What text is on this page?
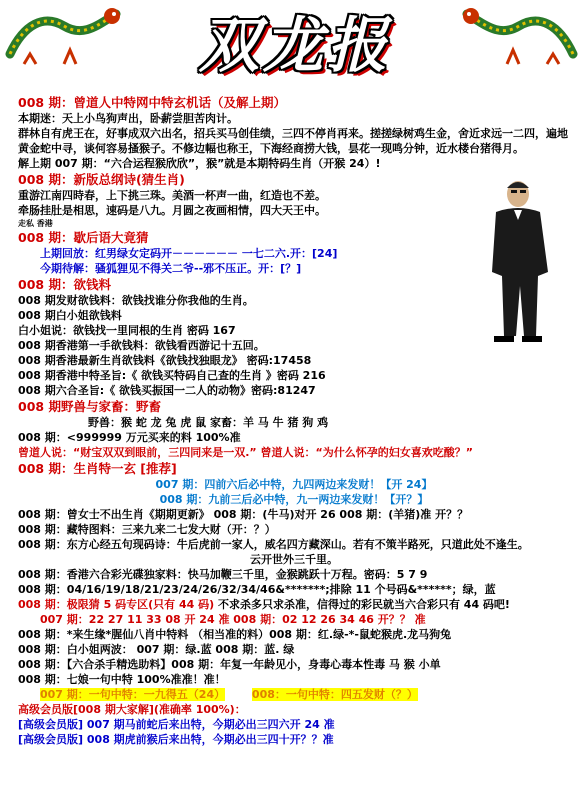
双龙报
008 期：曾道人中特网中特玄机话（及解上期）
本期迷：天上小鸟狗声出，卧薪尝胆苦肉计。
群林自有虎王在，好事成双六出名，招兵买马创佳绩，三四不停肖再来。搓搓绿树鸡生金，舍近求远一二四，遍地黄金蛇中寻，谈何容易搔猴子。不修边幅也称王，下海经商捞大钱，昙花一现鸣分钟，近水楼台猪得月。
解上期 007 期：“六合运程猴欣欣”，猴”就是本期特码生肖（开猴 24）!
008 期：新版总纲诗(猜生肖)
重游江南四時春，上下挑三珠。美酒一杯声一曲，红造也不差。
牵肠挂肚是相思，速码是八九。月圆之夜画相情，四大天王中。
走私 香港
008 期：歇后语大竟猜
上期回放：红男绿女定码开－－－－－－ 一七二六.开：[24]
今期待解：骚狐狸见不得关二爷--邪不压正。开：[？]
008 期：欲钱料
008 期发财欲钱料：欲钱找谁分你我他的生肖。
008 期白小姐欲钱料
白小姐说：欲钱找一里同根的生肖 密码 167
008 期香港第一手欲钱料：欲钱看西游记十五回。
008 期香港最新生肖欲钱料《欲钱找独眼龙》 密码:17458
008 期香港中特圣旨:《 欲钱买特码自己查的生肖 》密码 216
008 期六合圣旨:《 欲钱买振国一二人的动物》密码:81247
008 期野兽与家畜：野畜
野兽：猴 蛇 龙 兔 虎 鼠 家畜：羊 马 牛 猪 狗 鸡
008 期：<999999 万元买来的料 100%准
曾道人说：“财宝双双到眼前，三四同来是一双.” 曾道人说：“为什么怀孕的妇女喜欢吃酸？”
008 期：生肖特一玄 [推荐]
007 期：四前六后必中特，九四两边来发财！【开 24】
008 期：九前三后必中特，九一两边来发财！【开？】
008 期：曾女士不出生肖《期期更新》 008 期：(牛马)对开 26 008 期：(羊猪)准 开？？
008 期：藏特图料：三来九来二七发大财（开：？）
008 期：东方心经五句现码诗：牛后虎前一家人，威名四方藏深山。若有不策半路死，只道此处不逢生。
云开世外三千里。
008 期：香港六合彩光碟独家料：快马加鞭三千里，金猴跳跃十万程。密码：5 7 9
008 期：04/16/19/18/21/23/24/26/32/34/46&*******;排除 11 个号码&******；绿，蓝
008 期：极限猜 5 码专区(只有 44 码) 不求杀多只求杀准，信得过的彩民就当六合彩只有 44 码吧!
007 期：22 27 11 33 08 开 24 准 008 期：02 12 26 34 46 开？？ 准
008 期：*来生缘*腥仙八肖中特料 （相当准的料）008 期：红.绿-*-鼠蛇猴虎.龙马狗兔
008 期：白小姐两波： 007 期：绿.蓝 008 期：蓝. 绿
008 期：【六合杀手精选助料】008 期：年复一年龄见小，身毒心毒本性毒 马 猴 小单
008 期：七娘一句中特 100%准准！准！
007 期：一句中特：一九得五（24） 008：一句中特：四五发财（？）
高级会员版[008 期大家解](准确率 100%)：
[高级会员版] 007 期马前蛇后来出特，今期必出三四六开 24 准
[高级会员版] 008 期虎前猴后来出特，今期必出三四十开？？准
